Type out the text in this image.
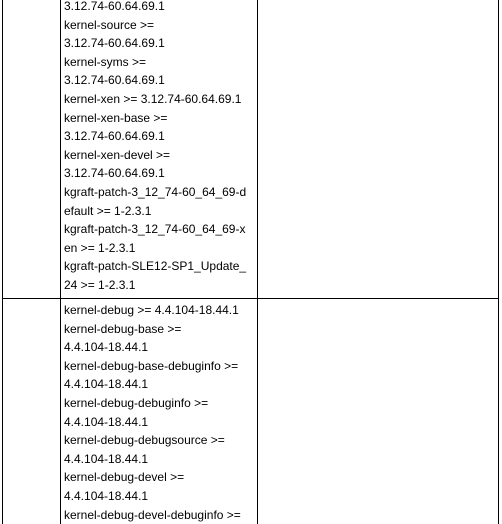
3.12.74-60.64.69.1
kernel-source >=
3.12.74-60.64.69.1
kernel-syms >=
3.12.74-60.64.69.1
kernel-xen >= 3.12.74-60.64.69.1
kernel-xen-base >=
3.12.74-60.64.69.1
kernel-xen-devel >=
3.12.74-60.64.69.1
kgraft-patch-3_12_74-60_64_69-d
efault >= 1-2.3.1
kgraft-patch-3_12_74-60_64_69-x
en >= 1-2.3.1
kgraft-patch-SLE12-SP1_Update_
24 >= 1-2.3.1
kernel-debug >= 4.4.104-18.44.1
kernel-debug-base >=
4.4.104-18.44.1
kernel-debug-base-debuginfo >=
4.4.104-18.44.1
kernel-debug-debuginfo >=
4.4.104-18.44.1
kernel-debug-debugsource >=
4.4.104-18.44.1
kernel-debug-devel >=
4.4.104-18.44.1
kernel-debug-devel-debuginfo >=
